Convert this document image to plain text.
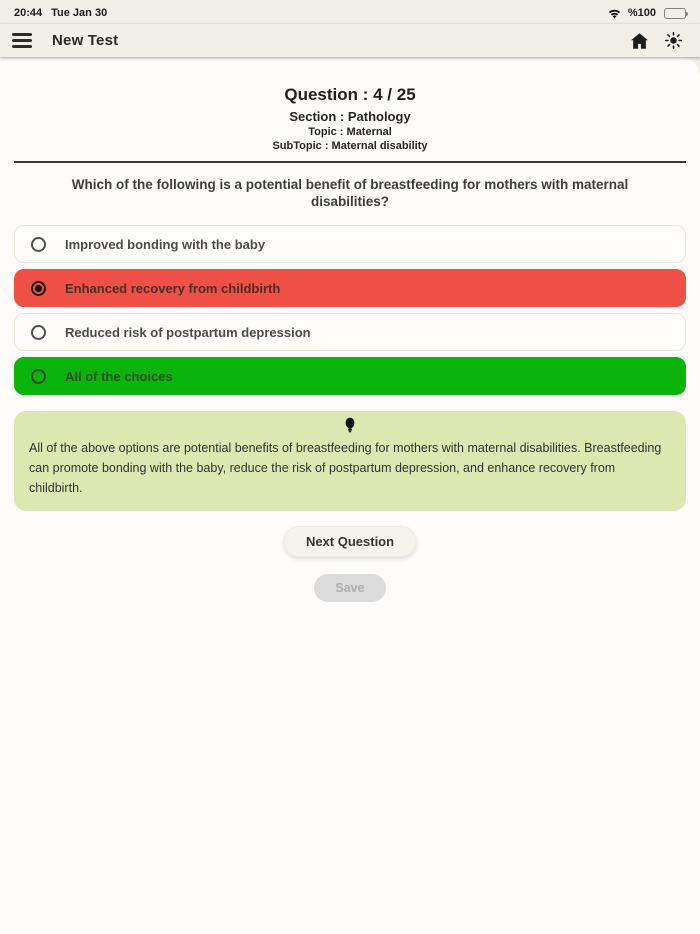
20:44 Tue Jan 30	%100
New Test
Question : 4 / 25
Section : Pathology
Topic : Maternal
SubTopic : Maternal disability
Which of the following is a potential benefit of breastfeeding for mothers with maternal disabilities?
Improved bonding with the baby
Enhanced recovery from childbirth
Reduced risk of postpartum depression
All of the choices
All of the above options are potential benefits of breastfeeding for mothers with maternal disabilities. Breastfeeding can promote bonding with the baby, reduce the risk of postpartum depression, and enhance recovery from childbirth.
Next Question
Save
